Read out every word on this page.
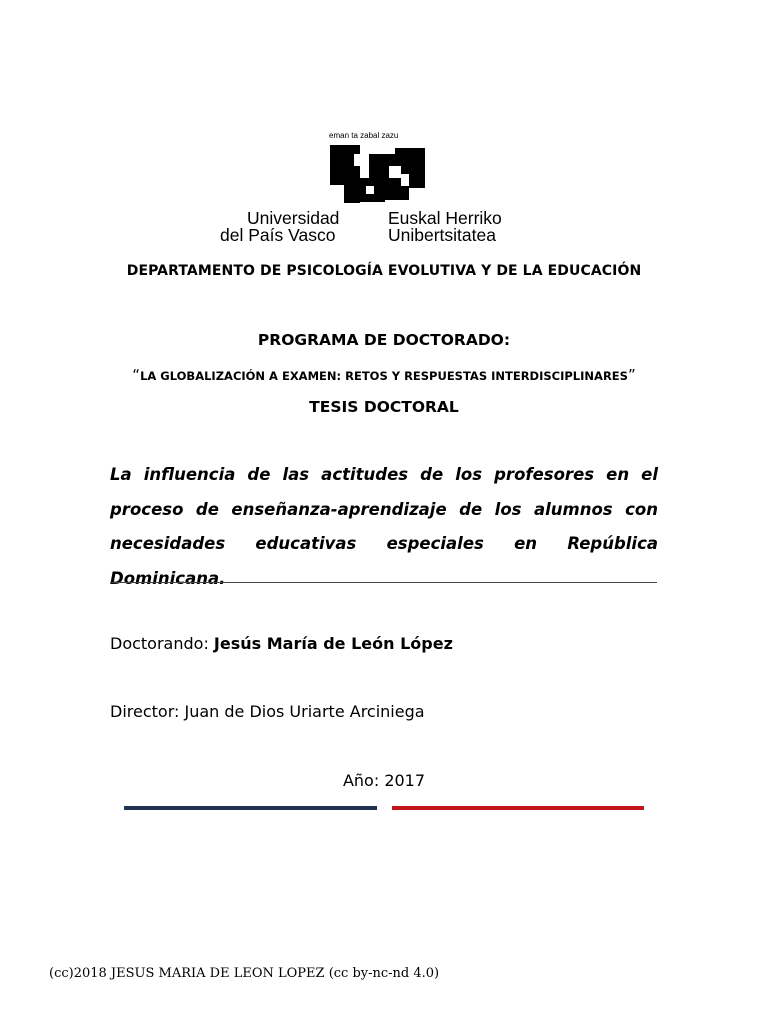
eman ta zabal zazu
Universidad
del País Vasco
Euskal Herriko
Unibertsitatea
DEPARTAMENTO DE PSICOLOGÍA EVOLUTIVA Y DE LA EDUCACIÓN
PROGRAMA DE DOCTORADO:
“LA GLOBALIZACIÓN A EXAMEN: RETOS Y RESPUESTAS INTERDISCIPLINARES”
TESIS DOCTORAL
La influencia de las actitudes de los profesores en el proceso de enseñanza-aprendizaje de los alumnos con necesidades educativas especiales en República Dominicana.
Doctorando: Jesús María de León López
Director: Juan de Dios Uriarte Arciniega
Año: 2017
(cc)2018 JESUS MARIA DE LEON LOPEZ (cc by-nc-nd 4.0)
